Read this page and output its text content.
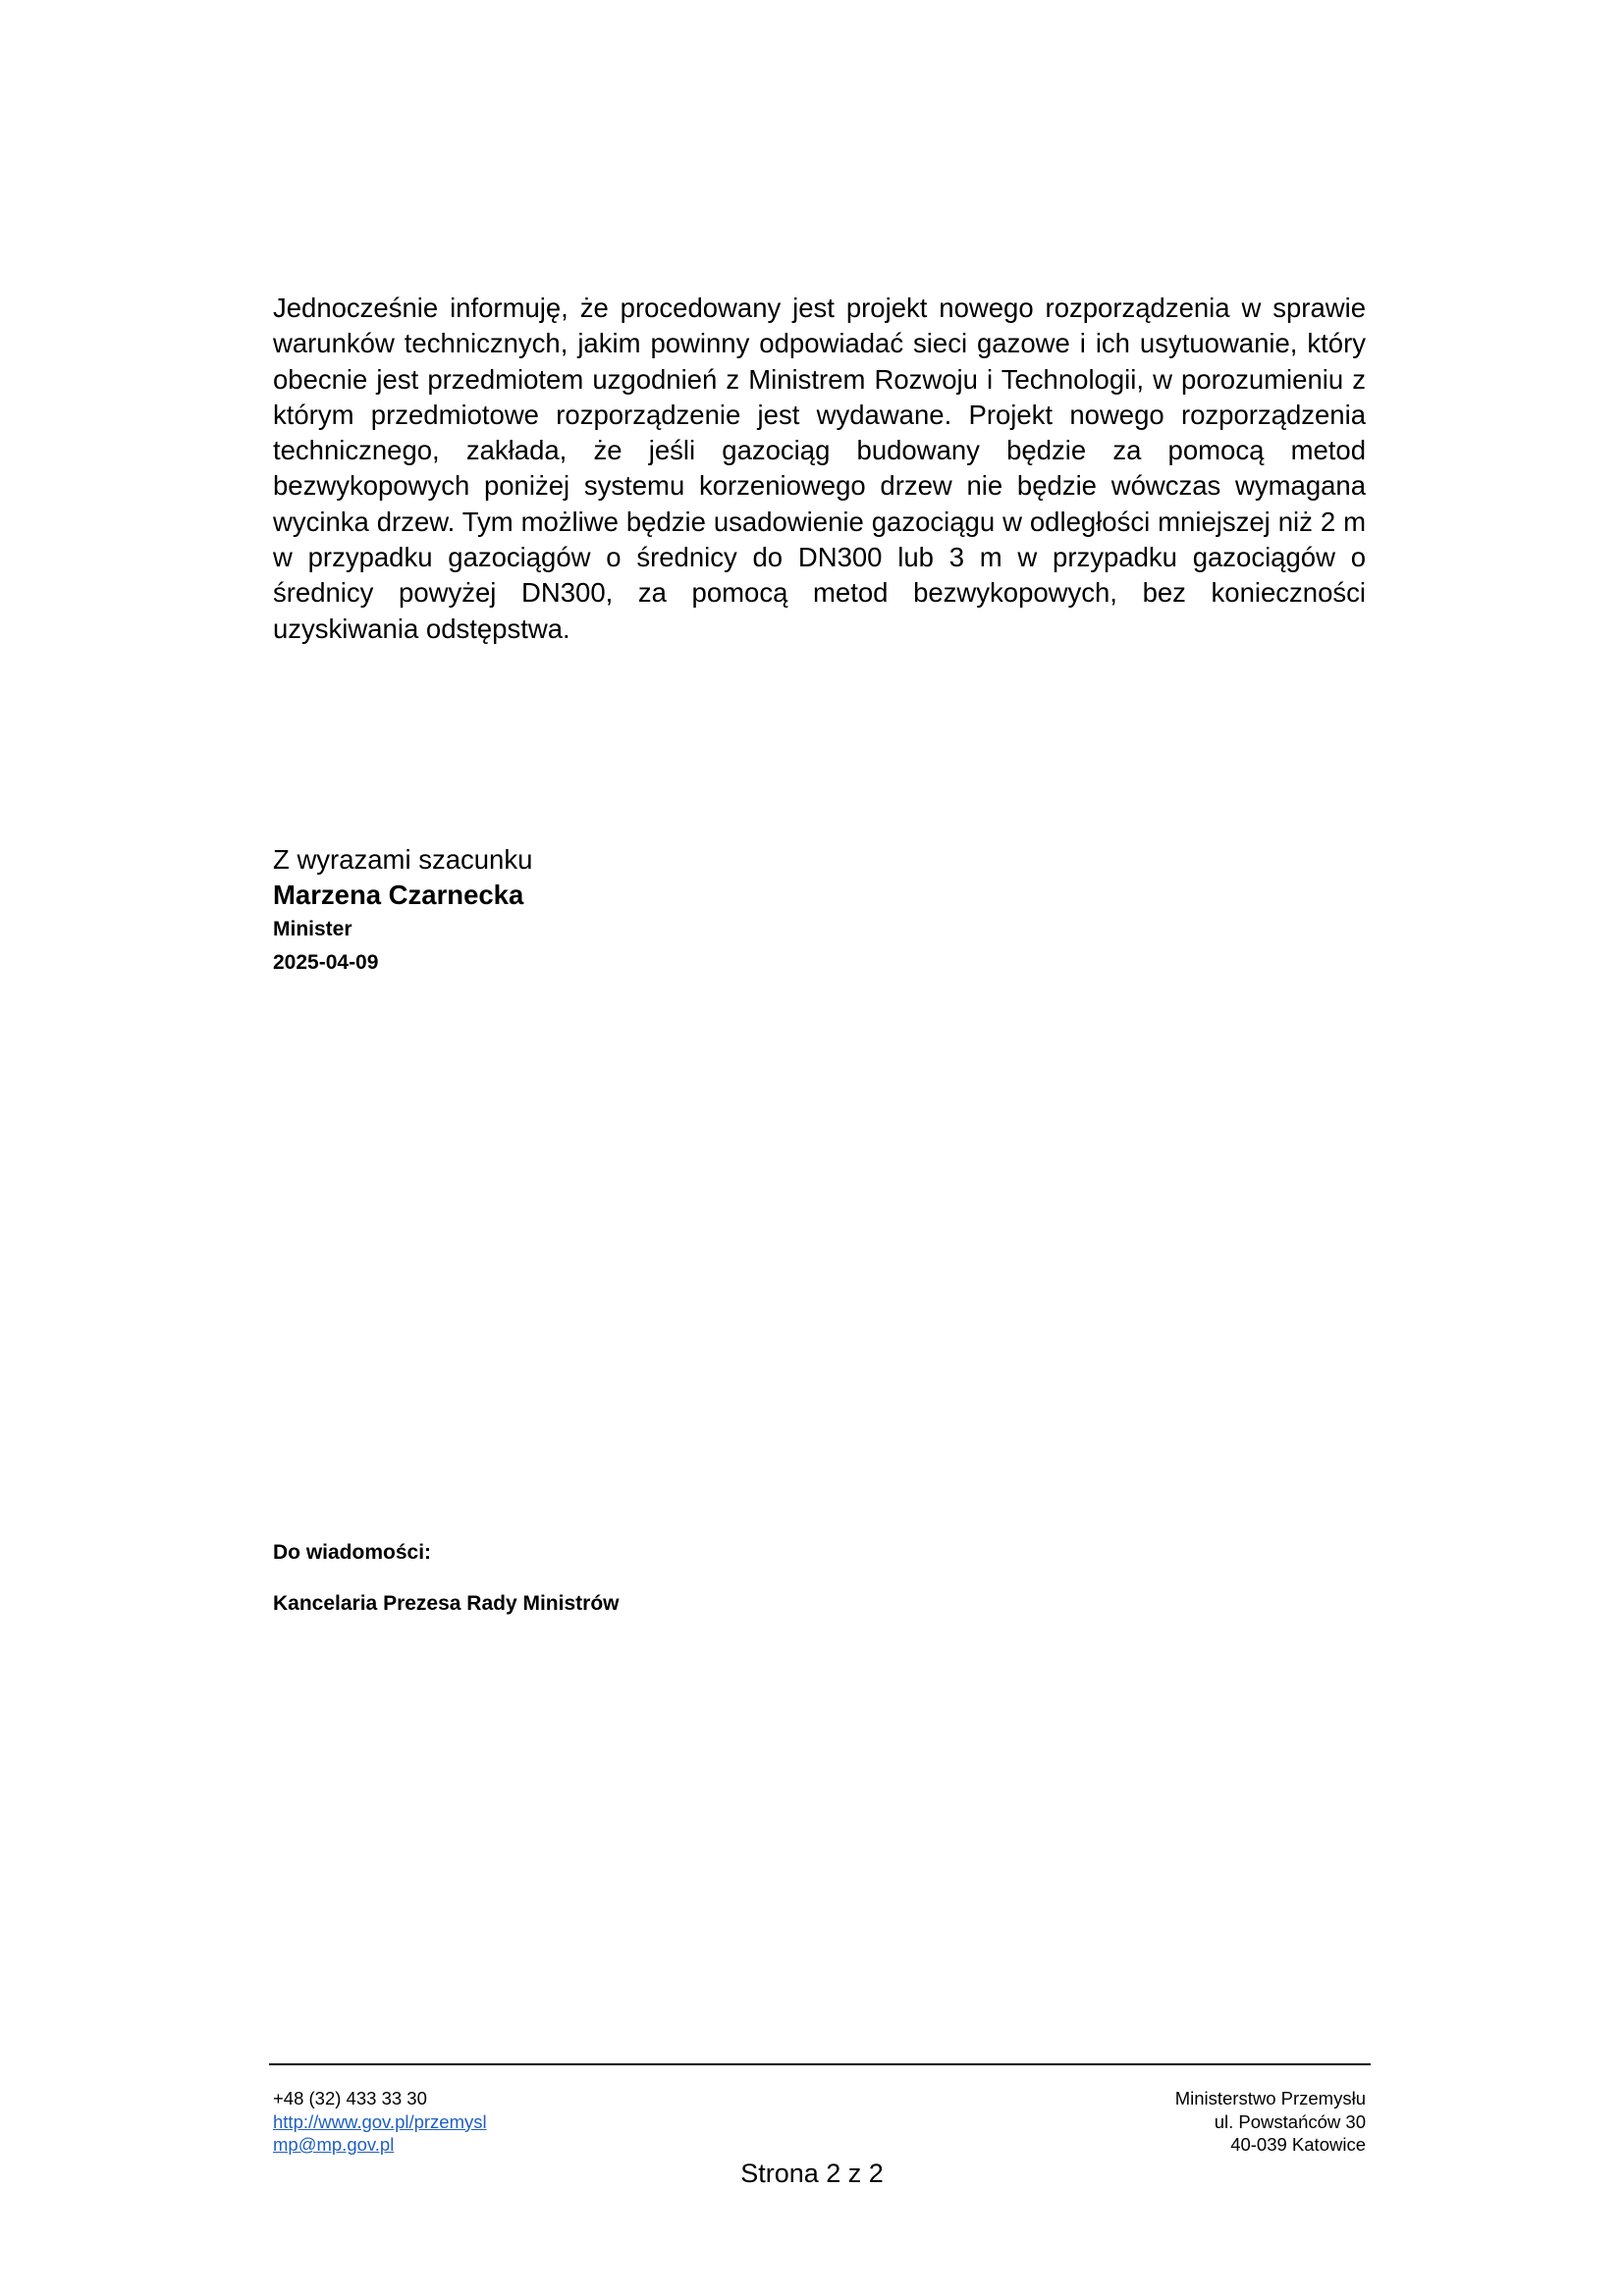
Jednocześnie informuję, że procedowany jest projekt nowego rozporządzenia w sprawie warunków technicznych, jakim powinny odpowiadać sieci gazowe i ich usytuowanie, który obecnie jest przedmiotem uzgodnień z Ministrem Rozwoju i Technologii, w porozumieniu z którym przedmiotowe rozporządzenie jest wydawane. Projekt nowego rozporządzenia technicznego, zakłada, że jeśli gazociąg budowany będzie za pomocą metod bezwykopowych poniżej systemu korzeniowego drzew nie będzie wówczas wymagana wycinka drzew. Tym możliwe będzie usadowienie gazociągu w odległości mniejszej niż 2 m w przypadku gazociągów o średnicy do DN300 lub 3 m w przypadku gazociągów o średnicy powyżej DN300, za pomocą metod bezwykopowych, bez konieczności uzyskiwania odstępstwa.

Z wyrazami szacunku
Marzena Czarnecka
Minister
2025-04-09
Do wiadomości:
Kancelaria Prezesa Rady Ministrów
+48 (32) 433 33 30
http://www.gov.pl/przemysl
mp@mp.gov.pl
Ministerstwo Przemysłu
ul. Powstańców 30
40-039 Katowice
Strona 2 z 2
